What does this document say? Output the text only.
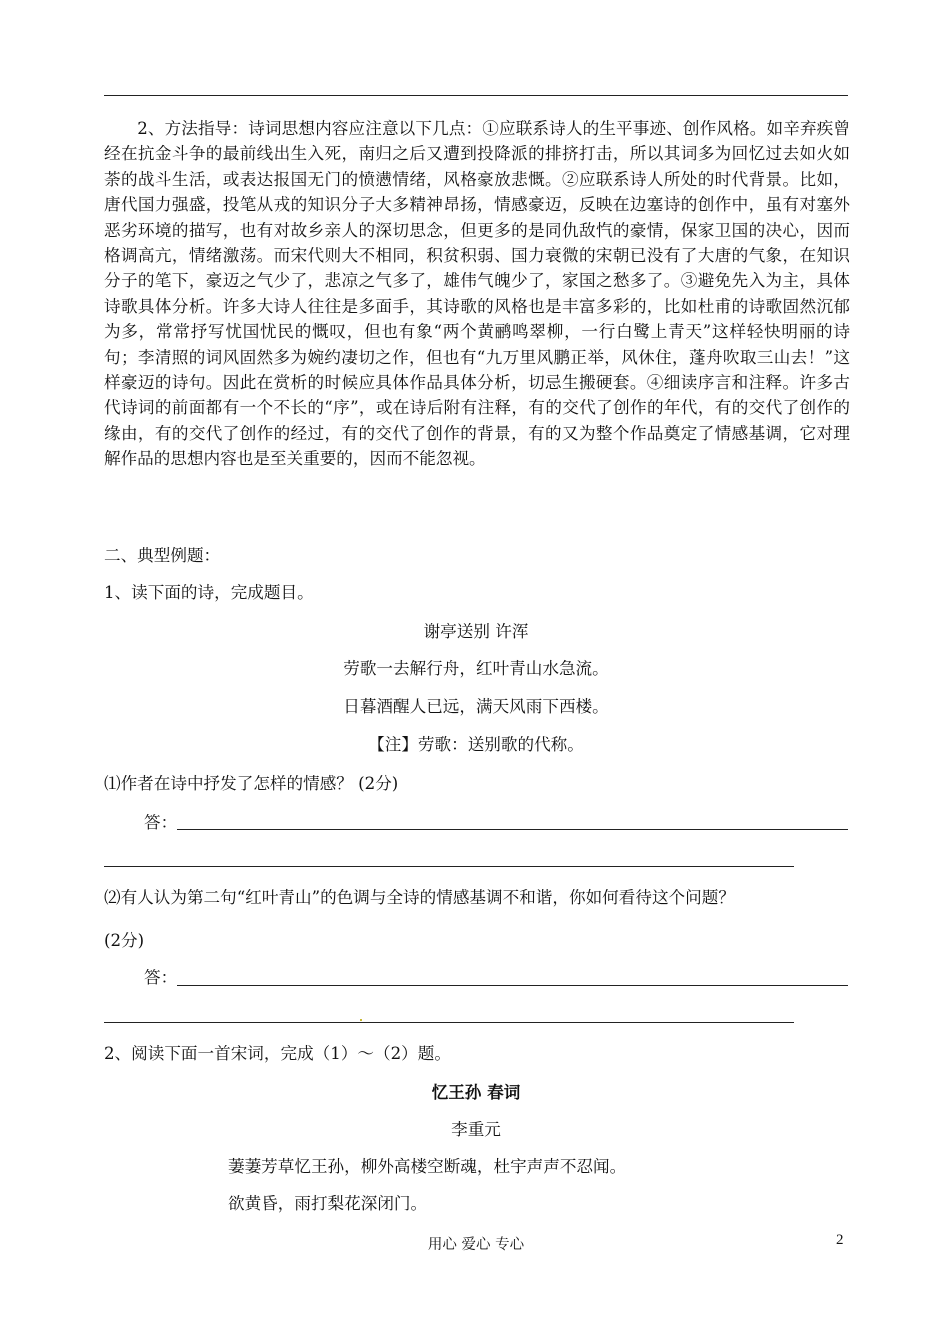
2、方法指导：诗词思想内容应注意以下几点：①应联系诗人的生平事迹、创作风格。如辛弃疾曾经在抗金斗争的最前线出生入死，南归之后又遭到投降派的排挤打击，所以其词多为回忆过去如火如荼的战斗生活，或表达报国无门的愤懑情绪，风格豪放悲慨。②应联系诗人所处的时代背景。比如，唐代国力强盛，投笔从戎的知识分子大多精神昂扬，情感豪迈，反映在边塞诗的创作中，虽有对塞外恶劣环境的描写，也有对故乡亲人的深切思念，但更多的是同仇敌忾的豪情，保家卫国的决心，因而格调高亢，情绪激荡。而宋代则大不相同，积贫积弱、国力衰微的宋朝已没有了大唐的气象，在知识分子的笔下，豪迈之气少了，悲凉之气多了，雄伟气魄少了，家国之愁多了。③避免先入为主，具体诗歌具体分析。许多大诗人往往是多面手，其诗歌的风格也是丰富多彩的，比如杜甫的诗歌固然沉郁为多，常常抒写忧国忧民的慨叹，但也有象“两个黄鹂鸣翠柳，一行白鹭上青天”这样轻快明丽的诗句；李清照的词风固然多为婉约凄切之作，但也有“九万里风鹏正举，风休住，蓬舟吹取三山去！”这样豪迈的诗句。因此在赏析的时候应具体作品具体分析，切忌生搬硬套。④细读序言和注释。许多古代诗词的前面都有一个不长的“序”，或在诗后附有注释，有的交代了创作的年代，有的交代了创作的缘由，有的交代了创作的经过，有的交代了创作的背景，有的又为整个作品奠定了情感基调，它对理解作品的思想内容也是至关重要的，因而不能忽视。

二、典型例题：
1、读下面的诗，完成题目。
谢亭送别 许浑
劳歌一去解行舟，红叶青山水急流。
日暮酒醒人已远，满天风雨下西楼。
【注】劳歌：送别歌的代称。
⑴作者在诗中抒发了怎样的情感？ (2分)
答：
⑵有人认为第二句“红叶青山”的色调与全诗的情感基调不和谐，你如何看待这个问题？
(2分)
答：
2、阅读下面一首宋词，完成（1）～（2）题。
忆王孙 春词
李重元
萋萋芳草忆王孙，柳外高楼空断魂，杜宇声声不忍闻。
欲黄昏，雨打梨花深闭门。
用心 爱心 专心	2
